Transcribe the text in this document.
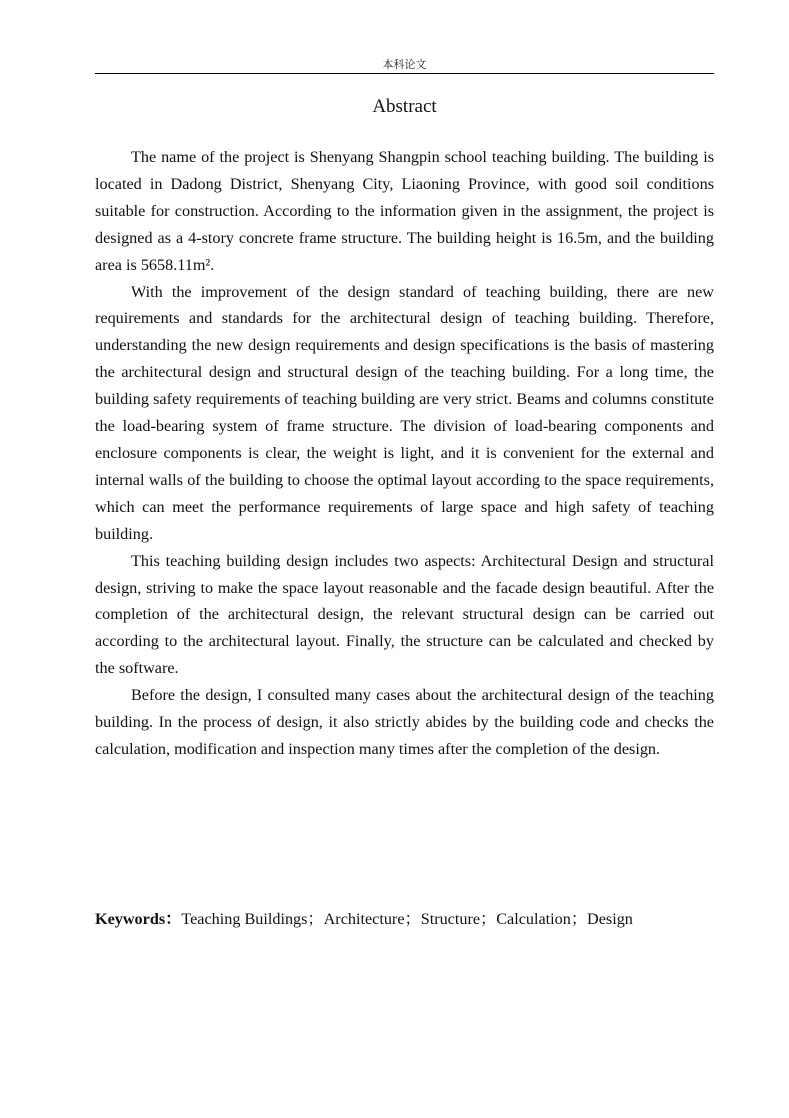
本科论文
Abstract

The name of the project is Shenyang Shangpin school teaching building. The building is located in Dadong District, Shenyang City, Liaoning Province, with good soil conditions suitable for construction. According to the information given in the assignment, the project is designed as a 4-story concrete frame structure. The building height is 16.5m, and the building area is 5658.11m².

With the improvement of the design standard of teaching building, there are new requirements and standards for the architectural design of teaching building. Therefore, understanding the new design requirements and design specifications is the basis of mastering the architectural design and structural design of the teaching building. For a long time, the building safety requirements of teaching building are very strict. Beams and columns constitute the load-bearing system of frame structure. The division of load-bearing components and enclosure components is clear, the weight is light, and it is convenient for the external and internal walls of the building to choose the optimal layout according to the space requirements, which can meet the performance requirements of large space and high safety of teaching building.

This teaching building design includes two aspects: Architectural Design and structural design, striving to make the space layout reasonable and the facade design beautiful. After the completion of the architectural design, the relevant structural design can be carried out according to the architectural layout. Finally, the structure can be calculated and checked by the software.

Before the design, I consulted many cases about the architectural design of the teaching building. In the process of design, it also strictly abides by the building code and checks the calculation, modification and inspection many times after the completion of the design.

Keywords：Teaching Buildings；Architecture；Structure；Calculation；Design
